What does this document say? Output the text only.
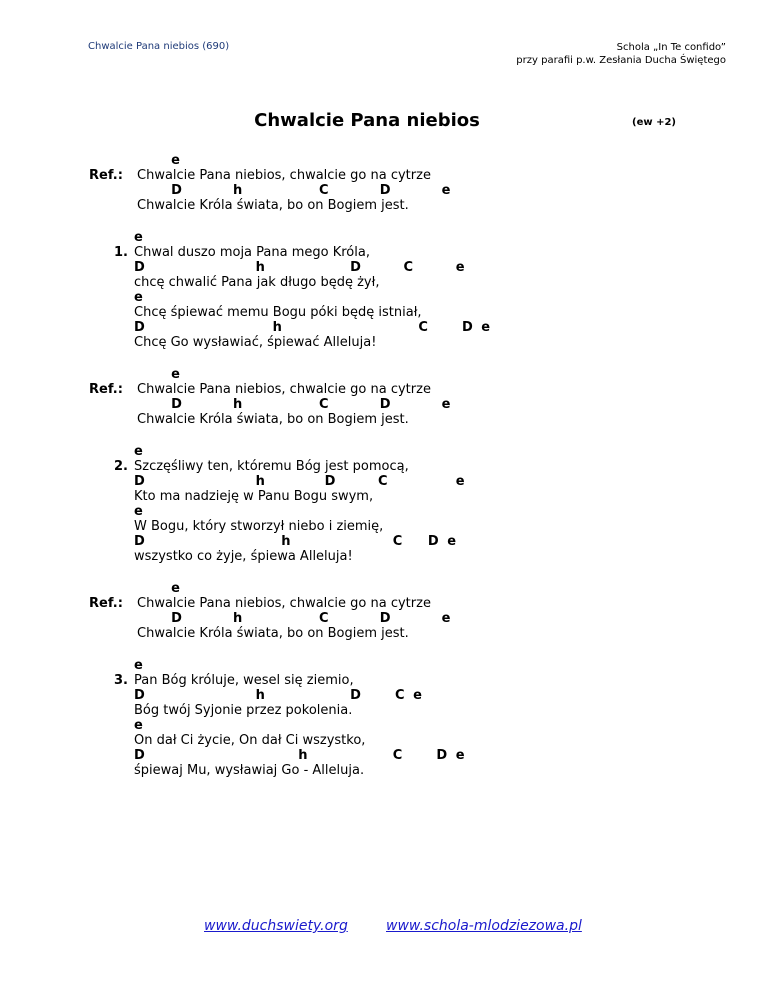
Chwalcie Pana niebios (690)	Schola „In Te confido”
przy parafii p.w. Zesłania Ducha Świętego
Chwalcie Pana niebios	(ew +2)
e
Ref.: Chwalcie Pana niebios, chwalcie go na cytrze
D      h         C      D      e
Chwalcie Króla świata, bo on Bogiem jest.
e
1. Chwal duszo moja Pana mego Króla,
D             h          D     C     e
chcę chwalić Pana jak długo będę żył,
e
Chcę śpiewać memu Bogu póki będę istniał,
D               h                C    D e
Chcę Go wysławiać, śpiewać Alleluja!
e
Ref.: Chwalcie Pana niebios, chwalcie go na cytrze
D      h         C      D      e
Chwalcie Króla świata, bo on Bogiem jest.
e
2. Szczęśliwy ten, któremu Bóg jest pomocą,
D             h       D     C        e
Kto ma nadzieję w Panu Bogu swym,
e
W Bogu, który stworzył niebo i ziemię,
D                h            C   D e
wszystko co żyje, śpiewa Alleluja!
e
Ref.: Chwalcie Pana niebios, chwalcie go na cytrze
D      h         C      D      e
Chwalcie Króla świata, bo on Bogiem jest.
e
3. Pan Bóg króluje, wesel się ziemio,
D             h          D    C e
Bóg twój Syjonie przez pokolenia.
e
On dał Ci życie, On dał Ci wszystko,
D                  h          C    D e
śpiewaj Mu, wysławiaj Go - Alleluja.
www.duchswiety.org	www.schola-mlodziezowa.pl
